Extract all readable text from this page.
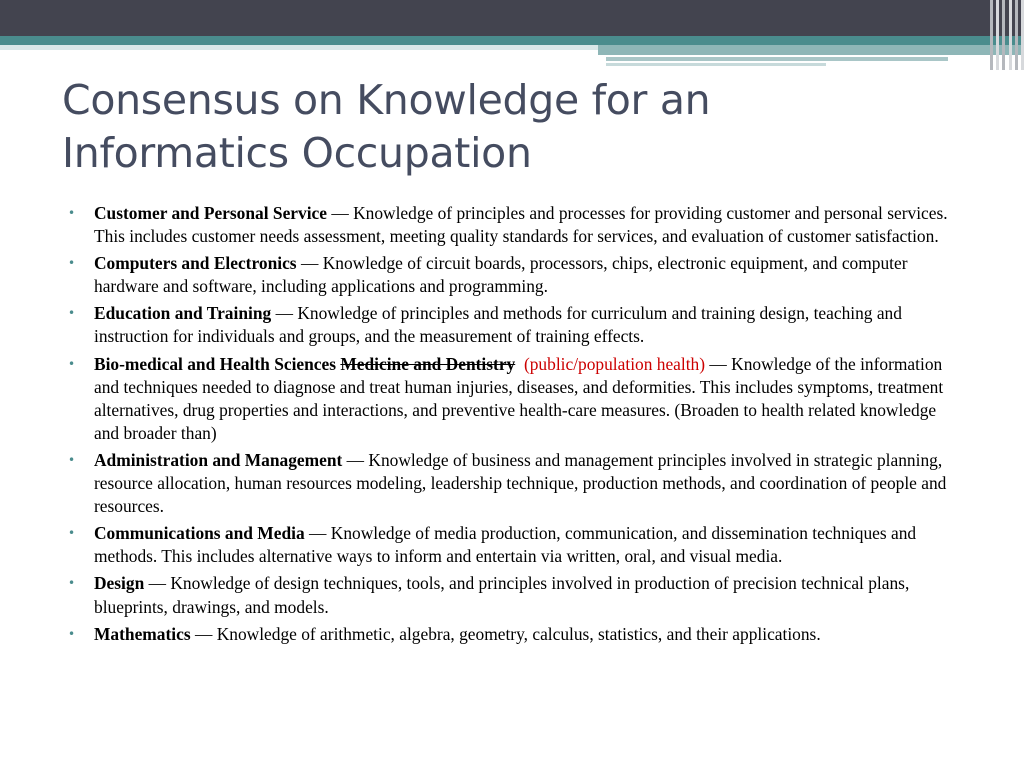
Consensus on Knowledge for an
Informatics Occupation
• Customer and Personal Service — Knowledge of principles and processes for providing customer and personal services. This includes customer needs assessment, meeting quality standards for services, and evaluation of customer satisfaction.
• Computers and Electronics — Knowledge of circuit boards, processors, chips, electronic equipment, and computer hardware and software, including applications and programming.
• Education and Training — Knowledge of principles and methods for curriculum and training design, teaching and instruction for individuals and groups, and the measurement of training effects.
• Bio-medical and Health Sciences Medicine and Dentistry (public/population health) — Knowledge of the information and techniques needed to diagnose and treat human injuries, diseases, and deformities. This includes symptoms, treatment alternatives, drug properties and interactions, and preventive health-care measures. (Broaden to health related knowledge and broader than)
• Administration and Management — Knowledge of business and management principles involved in strategic planning, resource allocation, human resources modeling, leadership technique, production methods, and coordination of people and resources.
• Communications and Media — Knowledge of media production, communication, and dissemination techniques and methods. This includes alternative ways to inform and entertain via written, oral, and visual media.
• Design — Knowledge of design techniques, tools, and principles involved in production of precision technical plans, blueprints, drawings, and models.
• Mathematics — Knowledge of arithmetic, algebra, geometry, calculus, statistics, and their applications.
